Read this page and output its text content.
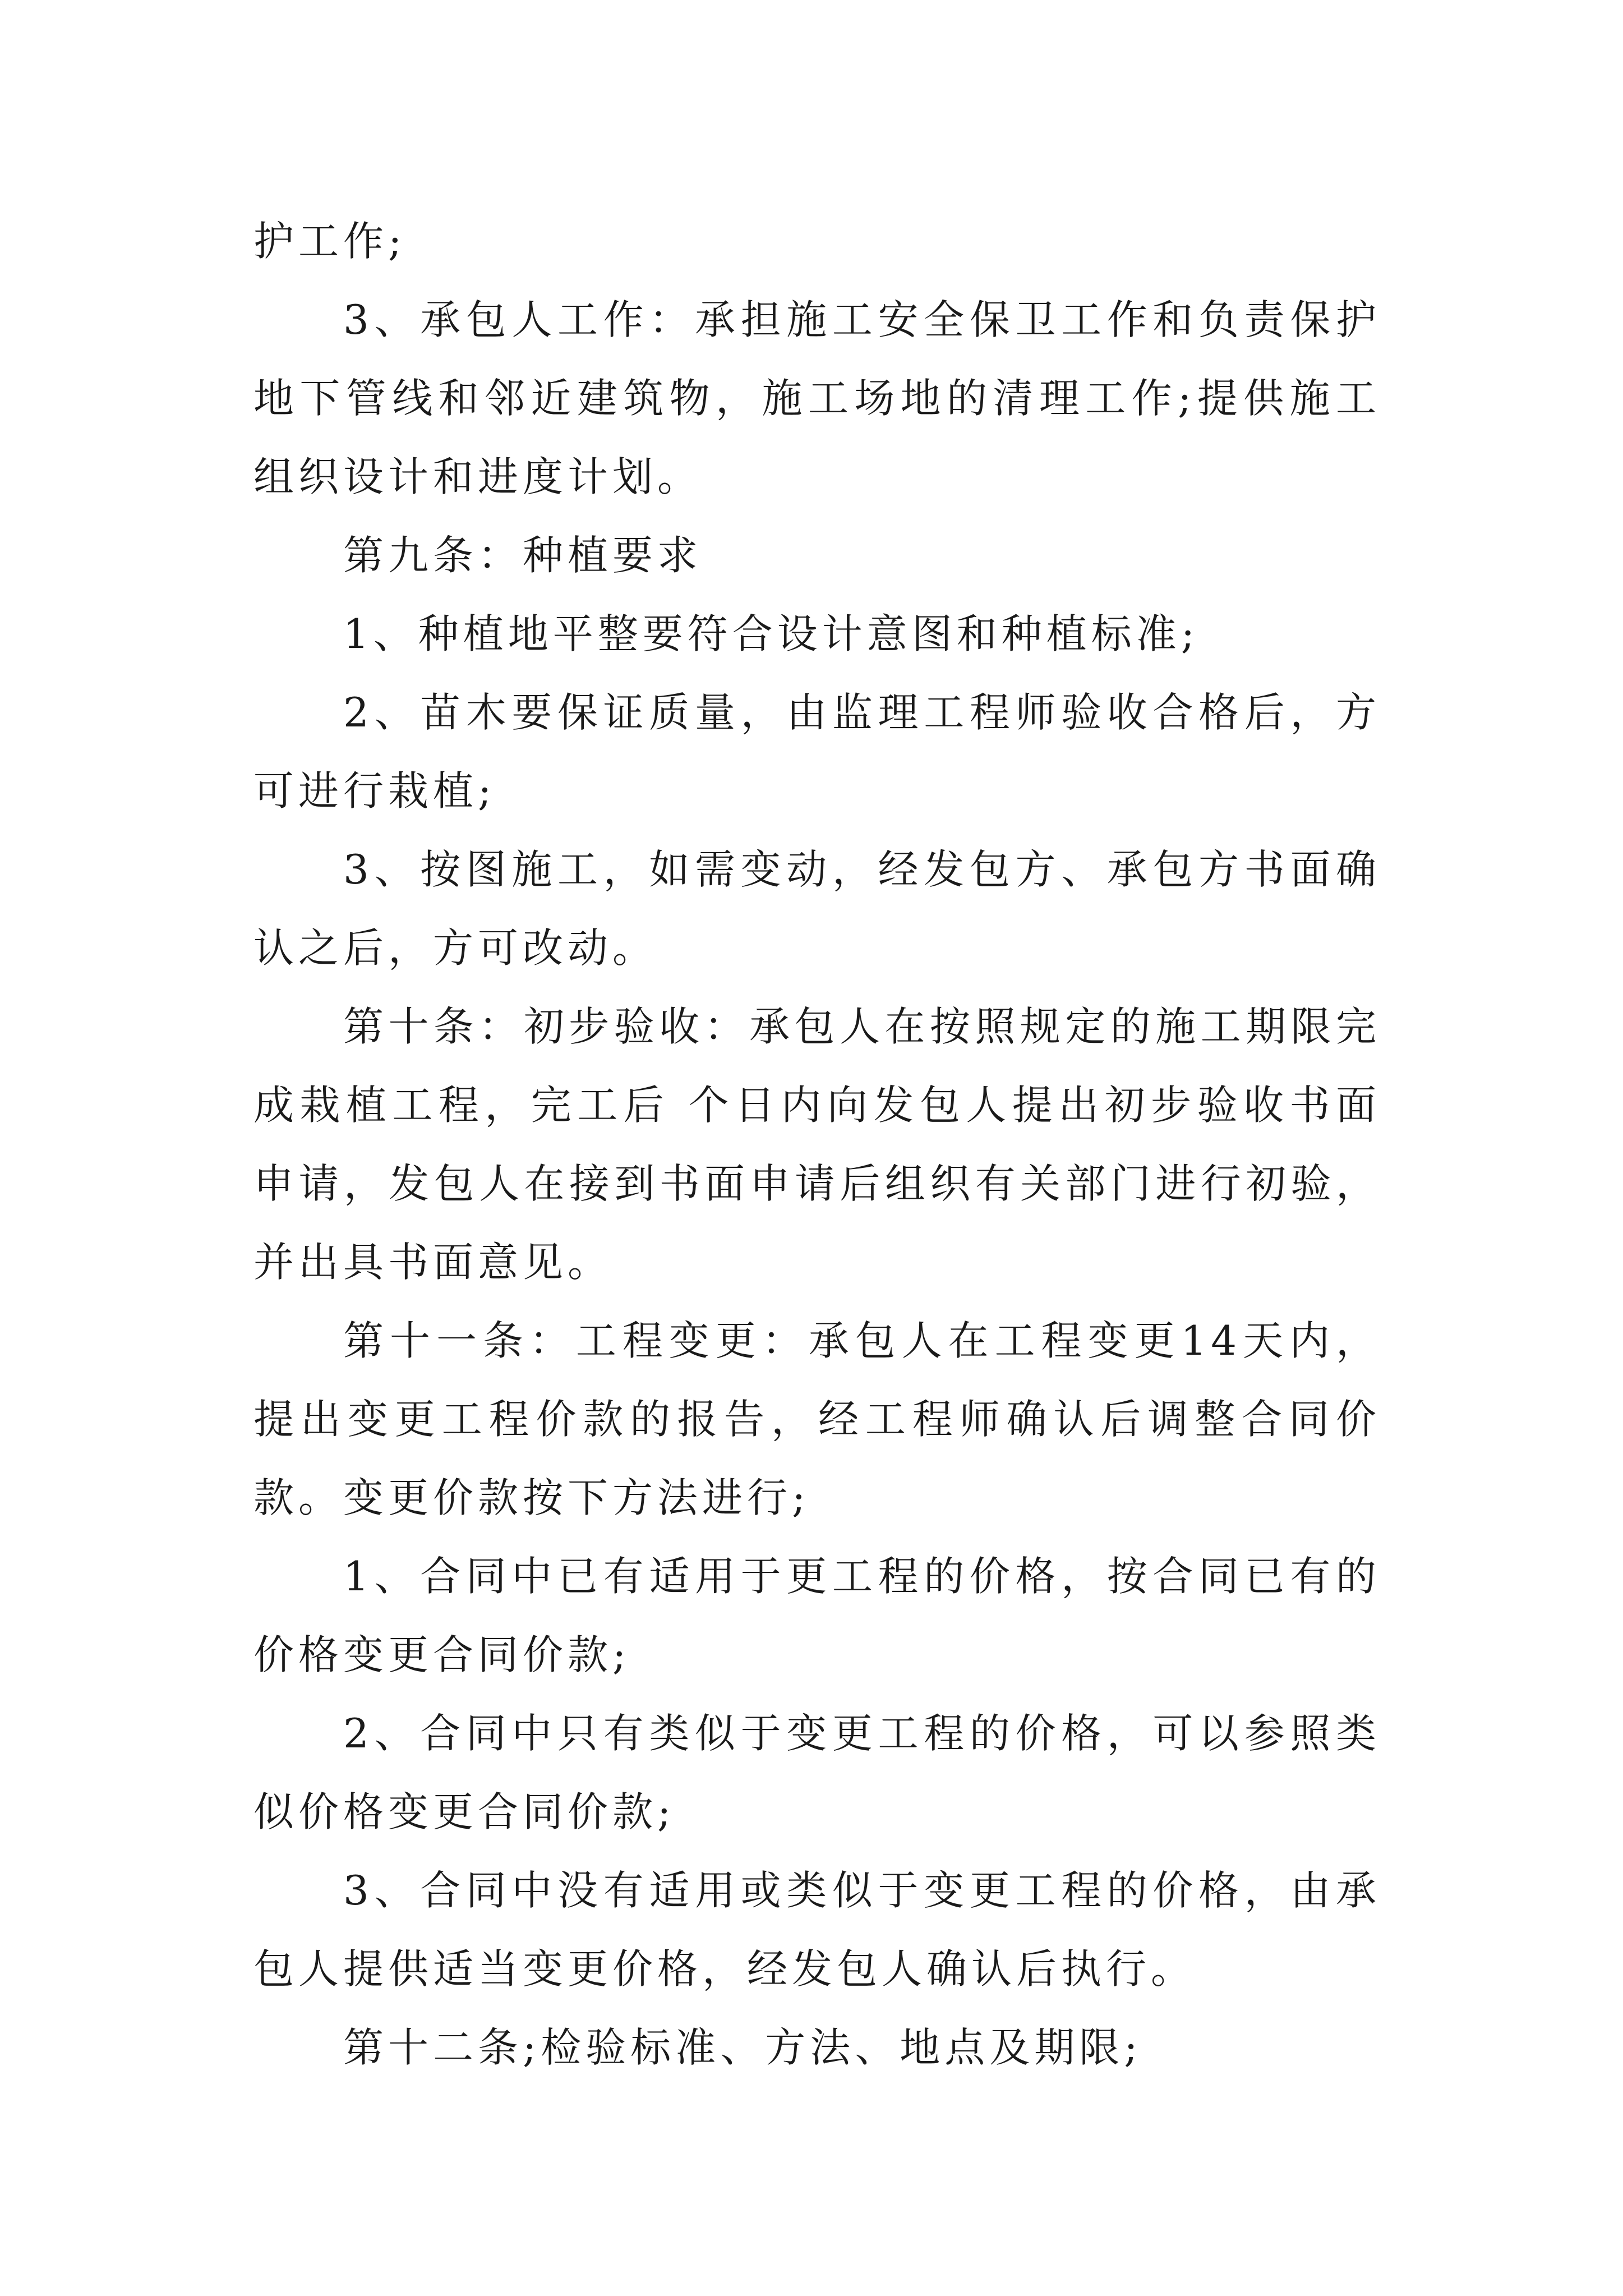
护工作;

3、承包人工作：承担施工安全保卫工作和负责保护地下管线和邻近建筑物，施工场地的清理工作;提供施工组织设计和进度计划。

第九条：种植要求

1、种植地平整要符合设计意图和种植标准;

2、苗木要保证质量，由监理工程师验收合格后，方可进行栽植;

3、按图施工，如需变动，经发包方、承包方书面确认之后，方可改动。

第十条：初步验收：承包人在按照规定的施工期限完成栽植工程，完工后 个日内向发包人提出初步验收书面申请，发包人在接到书面申请后组织有关部门进行初验，并出具书面意见。

第十一条：工程变更：承包人在工程变更14天内，提出变更工程价款的报告，经工程师确认后调整合同价款。变更价款按下方法进行;

1、合同中已有适用于更工程的价格，按合同已有的价格变更合同价款;

2、合同中只有类似于变更工程的价格，可以参照类似价格变更合同价款;

3、合同中没有适用或类似于变更工程的价格，由承包人提供适当变更价格，经发包人确认后执行。

第十二条;检验标准、方法、地点及期限;
